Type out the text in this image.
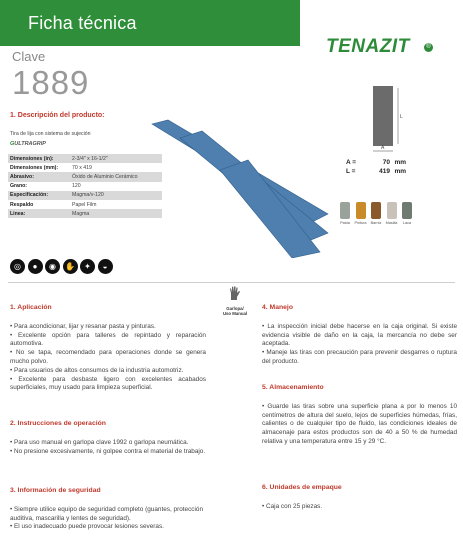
Ficha técnica
TENAZIT	®
Clave
1889
1. Descripción del producto:
Tira de lija con sistema de sujeción
GULTRAGRIP
Dimensiones (in):	2-3/4" x 16-1/2"
Dimensiones (mm):	70 x 419
Abrasivo:	Óxido de Aluminio Cerámico
Grano:	120
Especificación:	Magma/v-120
Respaldo	Papel Film
Linea:	Magma
L
A
A =	70 mm
L =	419 mm
Pasta	Pintura	Barniz	Masilla	Laca
◎	●	◉	✋	✦	◒
Garlopa/
Uso Manual
1. Aplicación

• Para acondicionar, lijar y resanar pasta y pinturas.

• Excelente opción para talleres de repintado y reparación automotiva.

• No se tapa, recomendado para operaciones donde se genera mucho polvo.

• Para usuarios de altos consumos de la industria automotriz.

• Excelente para desbaste ligero con excelentes acabados superficiales, muy usado para limpieza superficial.

2. Instrucciones de operación

• Para uso manual en garlopa clave 1992 o garlopa neumática.

• No presione excesivamente, ni golpee contra el material de trabajo.

3. Información de seguridad

• Siempre utilice equipo de seguridad completo (guantes, protección auditiva, mascarilla y lentes de seguridad).

• El uso inadecuado puede provocar lesiones severas.

4. Manejo

• La inspección inicial debe hacerse en la caja original. Si existe evidencia visible de daño en la caja, la mercancía no debe ser aceptada.

• Maneje las tiras con precaución para prevenir desgarres o ruptura del producto.

5. Almacenamiento

• Guarde las tiras sobre una superficie plana a por lo menos 10 centímetros de altura del suelo, lejos de superficies húmedas, frías, calientes o de cualquier tipo de fluido, las condiciones ideales de almacenaje para estos productos son de 40 a 50 % de humedad relativa y una temperatura entre 15 y 29 °C.

6. Unidades de empaque

• Caja con 25 piezas.
